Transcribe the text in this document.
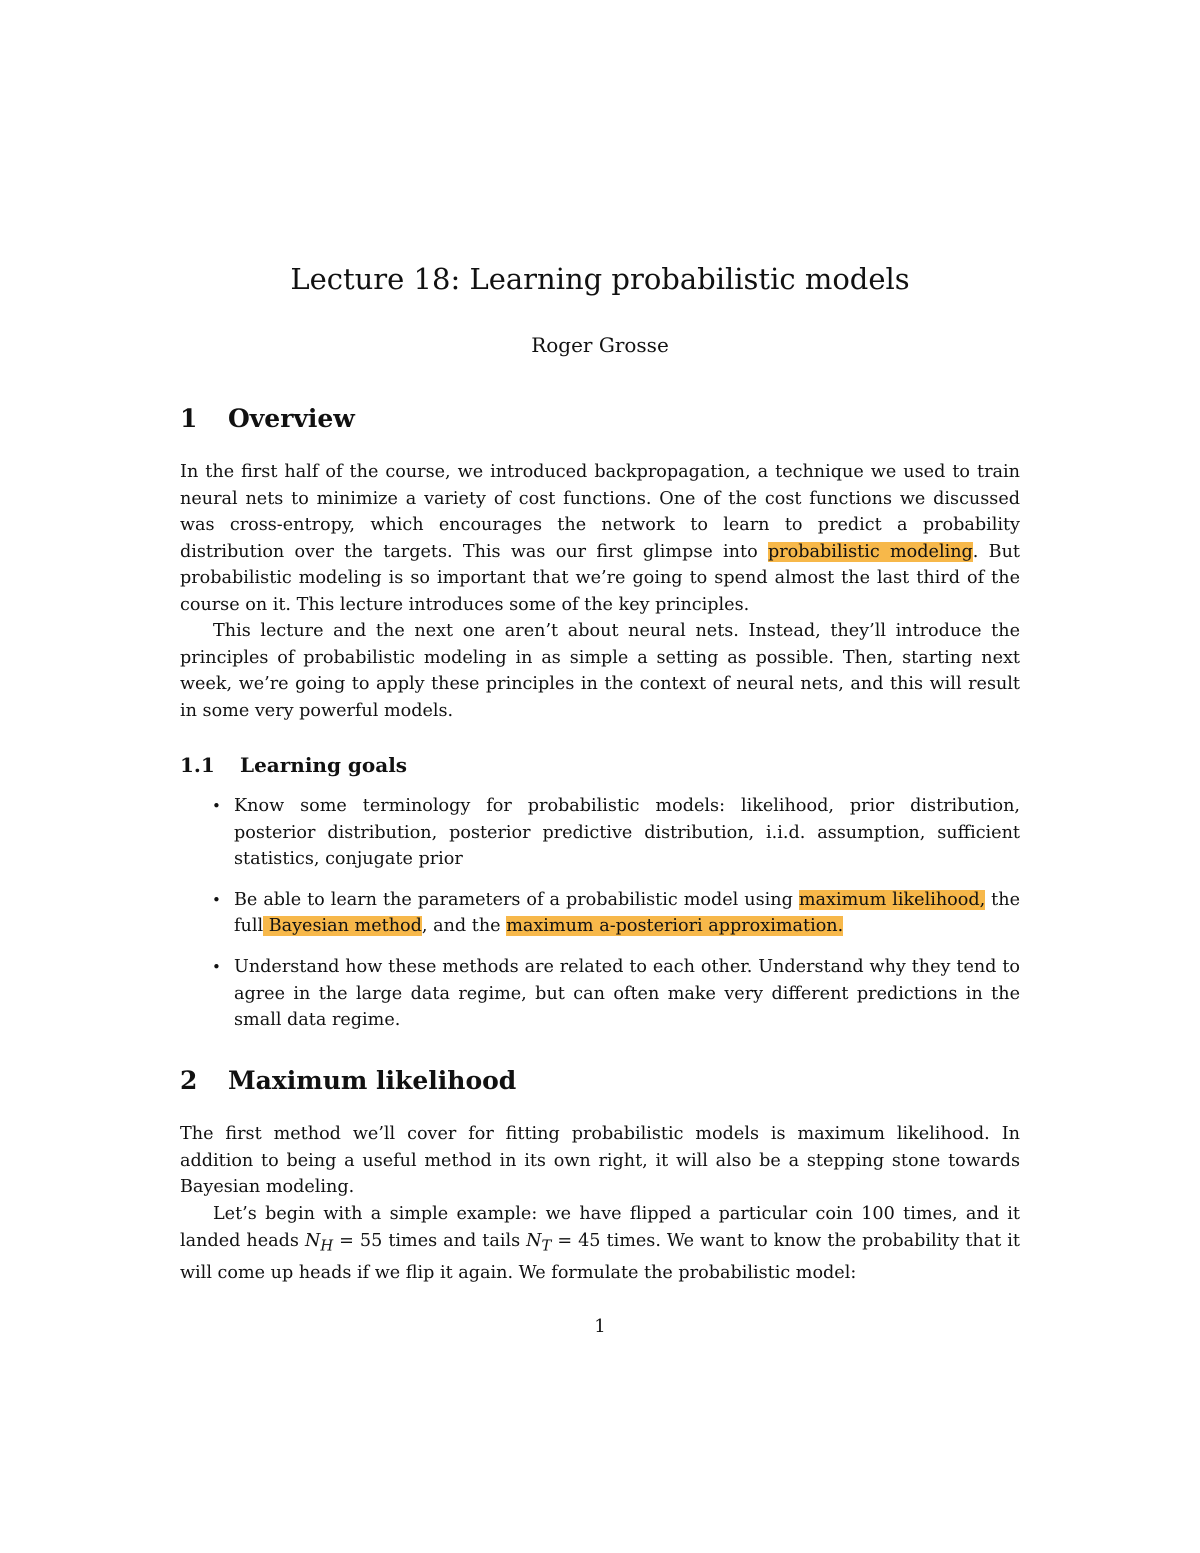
Lecture 18: Learning probabilistic models

Roger Grosse

1 Overview

In the first half of the course, we introduced backpropagation, a technique we used to train neural nets to minimize a variety of cost functions. One of the cost functions we discussed was cross-entropy, which encourages the network to learn to predict a probability distribution over the targets. This was our first glimpse into probabilistic modeling. But probabilistic modeling is so important that we’re going to spend almost the last third of the course on it. This lecture introduces some of the key principles.

This lecture and the next one aren’t about neural nets. Instead, they’ll introduce the principles of probabilistic modeling in as simple a setting as possible. Then, starting next week, we’re going to apply these principles in the context of neural nets, and this will result in some very powerful models.

1.1 Learning goals
• Know some terminology for probabilistic models: likelihood, prior distribution, posterior distribution, posterior predictive distribution, i.i.d. assumption, sufficient statistics, conjugate prior
• Be able to learn the parameters of a probabilistic model using maximum likelihood, the full Bayesian method, and the maximum a-posteriori approximation.
• Understand how these methods are related to each other. Understand why they tend to agree in the large data regime, but can often make very different predictions in the small data regime.
2 Maximum likelihood

The first method we’ll cover for fitting probabilistic models is maximum likelihood. In addition to being a useful method in its own right, it will also be a stepping stone towards Bayesian modeling.

Let’s begin with a simple example: we have flipped a particular coin 100 times, and it landed heads $N_H = 55$ times and tails $N_T = 45$ times. We want to know the probability that it will come up heads if we flip it again. We formulate the probabilistic model:

1
